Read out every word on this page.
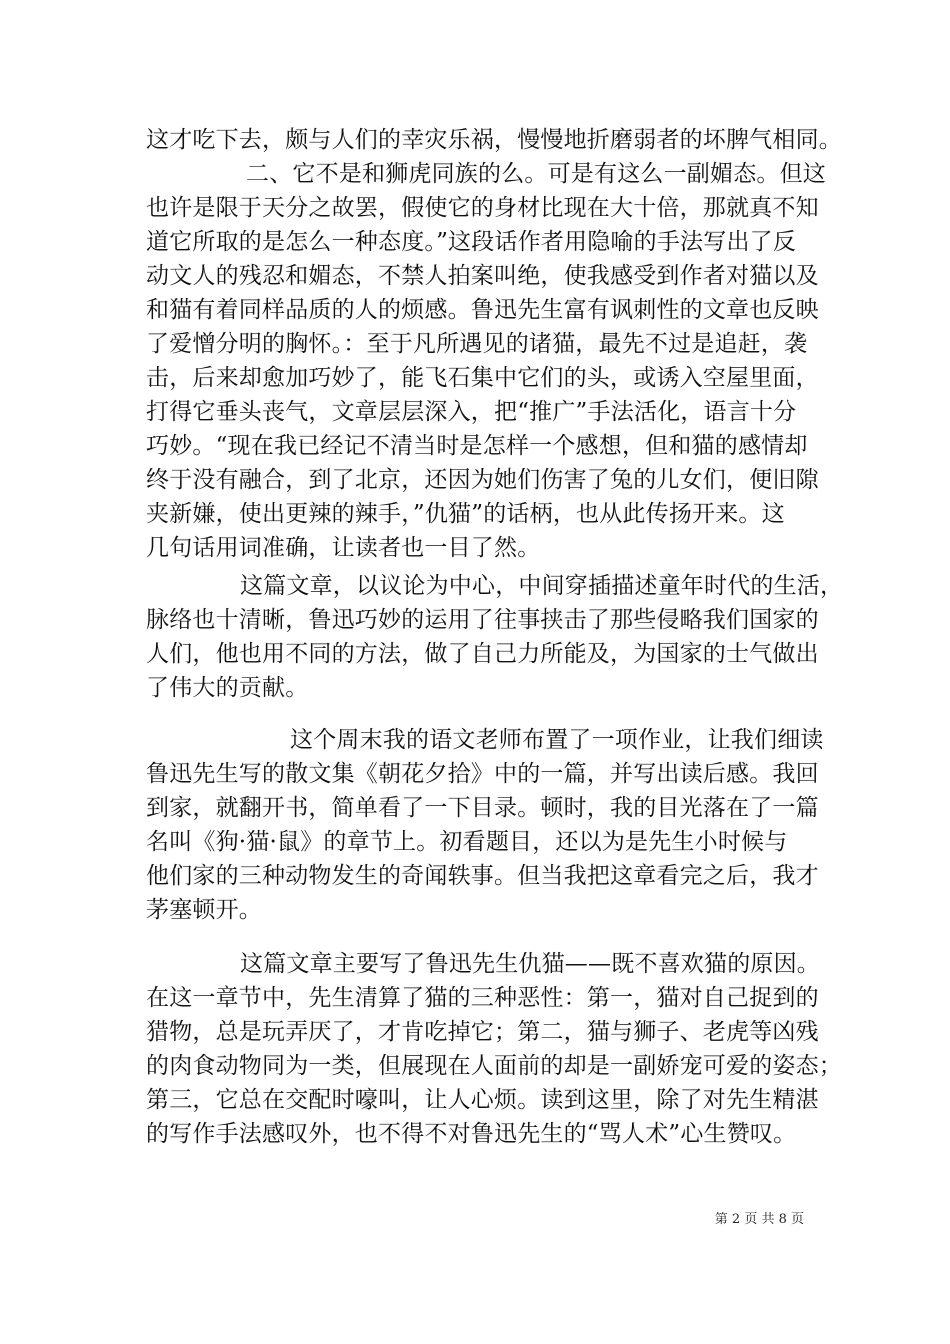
这才吃下去，颇与人们的幸灾乐祸，慢慢地折磨弱者的坏脾气相同。
二、它不是和狮虎同族的么。可是有这么一副媚态。但这
也许是限于天分之故罢，假使它的身材比现在大十倍，那就真不知
道它所取的是怎么一种态度。”这段话作者用隐喻的手法写出了反
动文人的残忍和媚态，不禁人拍案叫绝，使我感受到作者对猫以及
和猫有着同样品质的人的烦感。鲁迅先生富有讽刺性的文章也反映
了爱憎分明的胸怀。：至于凡所遇见的诸猫，最先不过是追赶，袭
击，后来却愈加巧妙了，能飞石集中它们的头，或诱入空屋里面，
打得它垂头丧气，文章层层深入，把“推广”手法活化，语言十分
巧妙。“现在我已经记不清当时是怎样一个感想，但和猫的感情却
终于没有融合，到了北京，还因为她们伤害了兔的儿女们，便旧隙
夹新嫌，使出更辣的辣手，”仇猫”的话柄，也从此传扬开来。这
几句话用词准确，让读者也一目了然。
这篇文章，以议论为中心，中间穿插描述童年时代的生活，
脉络也十清晰，鲁迅巧妙的运用了往事挟击了那些侵略我们国家的
人们，他也用不同的方法，做了自己力所能及，为国家的士气做出
了伟大的贡献。
这个周末我的语文老师布置了一项作业，让我们细读
鲁迅先生写的散文集《朝花夕拾》中的一篇，并写出读后感。我回
到家，就翻开书，简单看了一下目录。顿时，我的目光落在了一篇
名叫《狗·猫·鼠》的章节上。初看题目，还以为是先生小时候与
他们家的三种动物发生的奇闻轶事。但当我把这章看完之后，我才
茅塞顿开。
这篇文章主要写了鲁迅先生仇猫——既不喜欢猫的原因。
在这一章节中，先生清算了猫的三种恶性：第一，猫对自己捉到的
猎物，总是玩弄厌了，才肯吃掉它；第二，猫与狮子、老虎等凶残
的肉食动物同为一类，但展现在人面前的却是一副娇宠可爱的姿态；
第三，它总在交配时嚎叫，让人心烦。读到这里，除了对先生精湛
的写作手法感叹外，也不得不对鲁迅先生的“骂人术”心生赞叹。
第 2 页 共 8 页
